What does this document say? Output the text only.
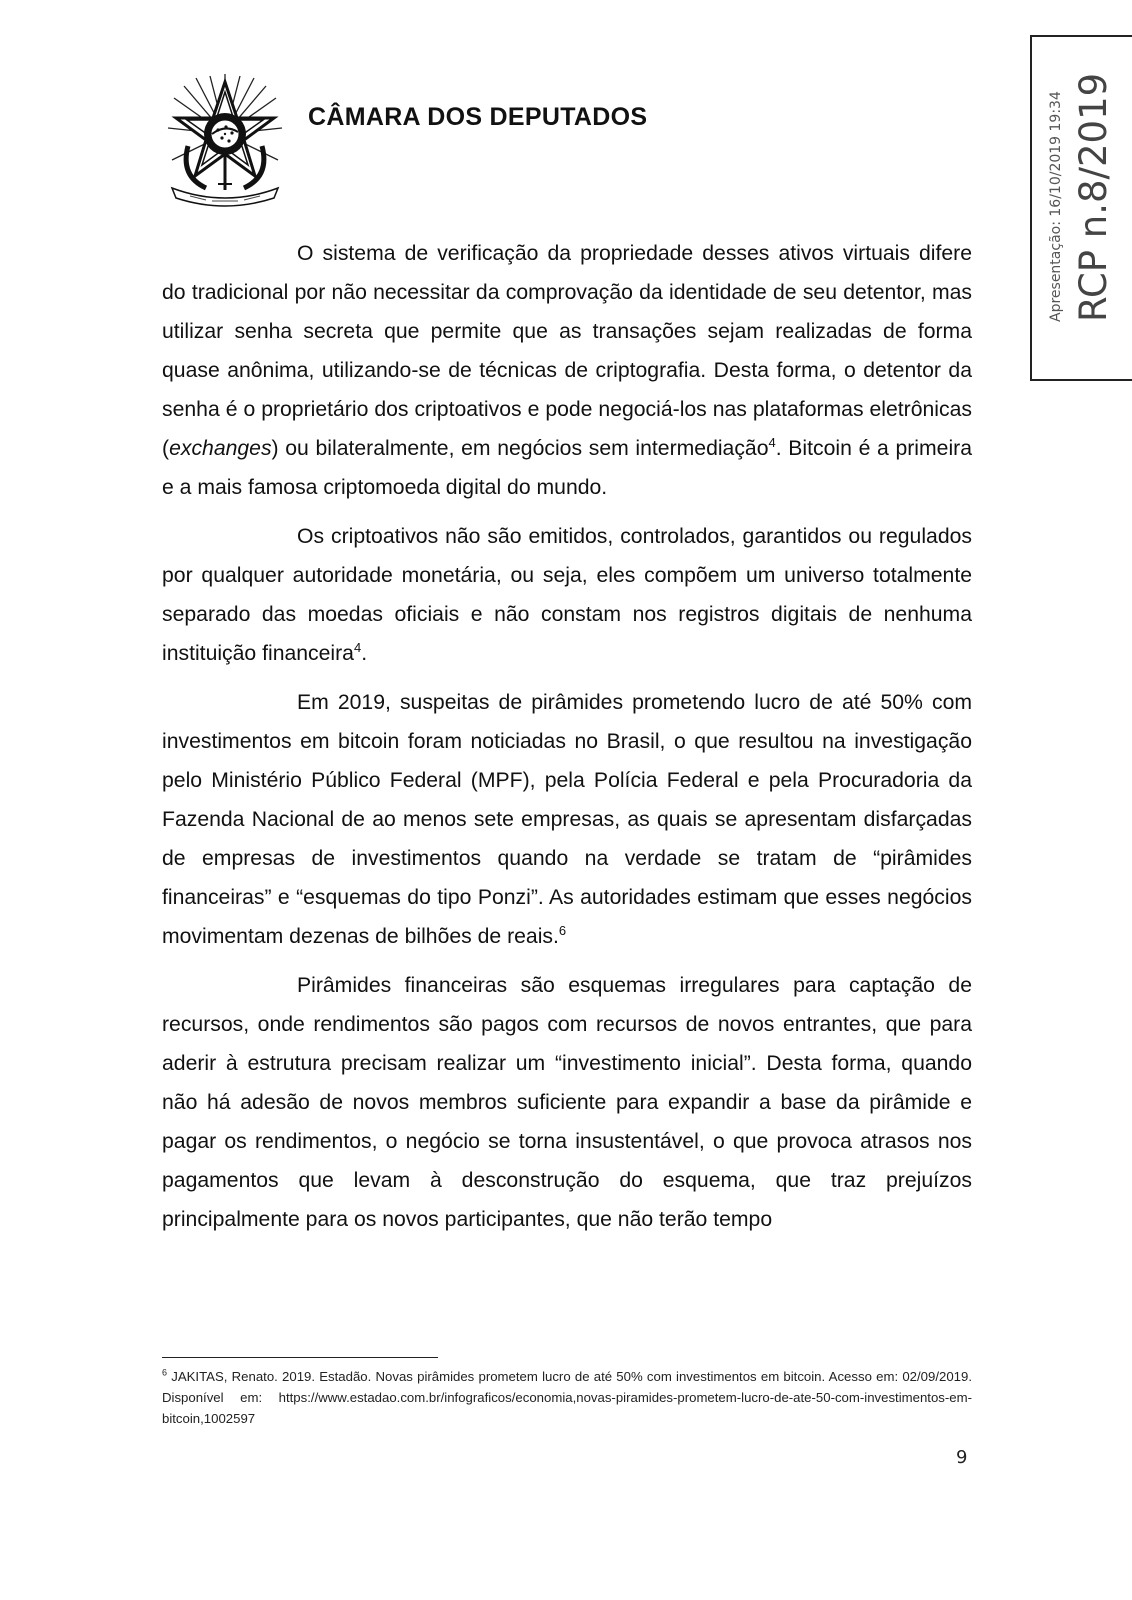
CÂMARA DOS DEPUTADOS	Apresentação: 16/10/2019 19:34 RCP n.8/2019

O sistema de verificação da propriedade desses ativos virtuais difere do tradicional por não necessitar da comprovação da identidade de seu detentor, mas utilizar senha secreta que permite que as transações sejam realizadas de forma quase anônima, utilizando-se de técnicas de criptografia. Desta forma, o detentor da senha é o proprietário dos criptoativos e pode negociá-los nas plataformas eletrônicas (exchanges) ou bilateralmente, em negócios sem intermediação$^4$. Bitcoin é a primeira e a mais famosa criptomoeda digital do mundo.

Os criptoativos não são emitidos, controlados, garantidos ou regulados por qualquer autoridade monetária, ou seja, eles compõem um universo totalmente separado das moedas oficiais e não constam nos registros digitais de nenhuma instituição financeira$^4$.

Em 2019, suspeitas de pirâmides prometendo lucro de até 50% com investimentos em bitcoin foram noticiadas no Brasil, o que resultou na investigação pelo Ministério Público Federal (MPF), pela Polícia Federal e pela Procuradoria da Fazenda Nacional de ao menos sete empresas, as quais se apresentam disfarçadas de empresas de investimentos quando na verdade se tratam de “pirâmides financeiras” e “esquemas do tipo Ponzi”. As autoridades estimam que esses negócios movimentam dezenas de bilhões de reais.$^6$

Pirâmides financeiras são esquemas irregulares para captação de recursos, onde rendimentos são pagos com recursos de novos entrantes, que para aderir à estrutura precisam realizar um “investimento inicial”. Desta forma, quando não há adesão de novos membros suficiente para expandir a base da pirâmide e pagar os rendimentos, o negócio se torna insustentável, o que provoca atrasos nos pagamentos que levam à desconstrução do esquema, que traz prejuízos principalmente para os novos participantes, que não terão tempo

$^6$ JAKITAS, Renato. 2019. Estadão. Novas pirâmides prometem lucro de até 50% com investimentos em bitcoin. Acesso em: 02/09/2019. Disponível em: https://www.estadao.com.br/infograficos/economia,novas-piramides-prometem-lucro-de-ate-50-com-investimentos-em-bitcoin,1002597
9
